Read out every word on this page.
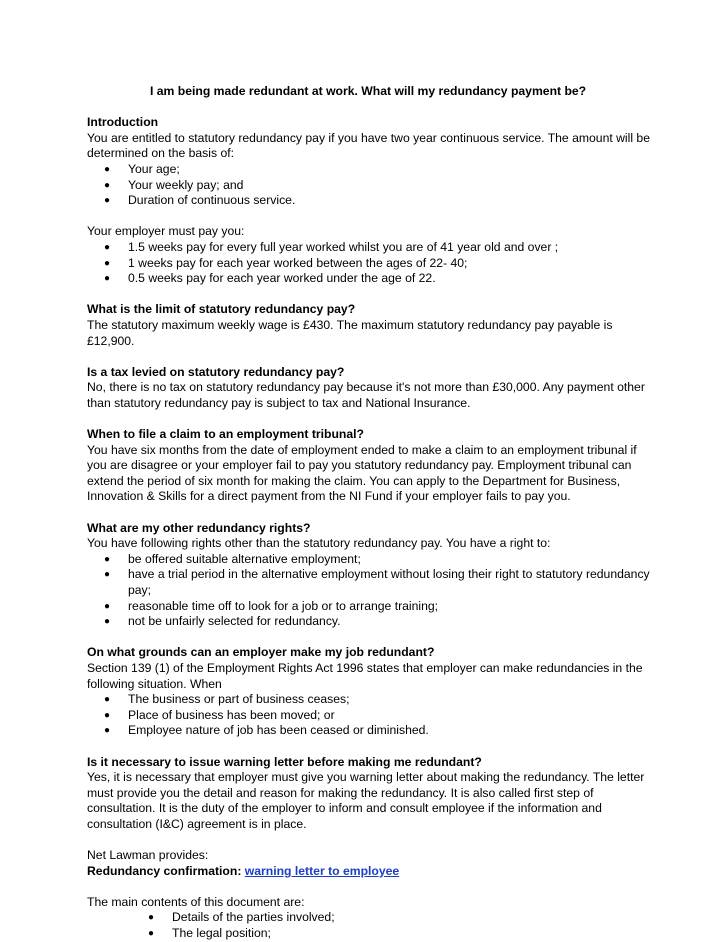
I am being made redundant at work. What will my redundancy payment be?

Introduction

You are entitled to statutory redundancy pay if you have two year continuous service. The amount will be determined on the basis of:

● Your age;
● Your weekly pay; and
● Duration of continuous service.

Your employer must pay you:

● 1.5 weeks pay for every full year worked whilst you are of 41 year old and over ;
● 1 weeks pay for each year worked between the ages of 22- 40;
● 0.5 weeks pay for each year worked under the age of 22.

What is the limit of statutory redundancy pay?

The statutory maximum weekly wage is £430. The maximum statutory redundancy pay payable is £12,900.

Is a tax levied on statutory redundancy pay?

No, there is no tax on statutory redundancy pay because it's not more than £30,000. Any payment other than statutory redundancy pay is subject to tax and National Insurance.

When to file a claim to an employment tribunal?

You have six months from the date of employment ended to make a claim to an employment tribunal if you are disagree or your employer fail to pay you statutory redundancy pay. Employment tribunal can extend the period of six month for making the claim. You can apply to the Department for Business, Innovation & Skills for a direct payment from the NI Fund if your employer fails to pay you.

What are my other redundancy rights?

You have following rights other than the statutory redundancy pay. You have a right to:

● be offered suitable alternative employment;
● have a trial period in the alternative employment without losing their right to statutory redundancy pay;
● reasonable time off to look for a job or to arrange training;
● not be unfairly selected for redundancy.

On what grounds can an employer make my job redundant?

Section 139 (1) of the Employment Rights Act 1996 states that employer can make redundancies in the following situation. When

● The business or part of business ceases;
● Place of business has been moved; or
● Employee nature of job has been ceased or diminished.

Is it necessary to issue warning letter before making me redundant?

Yes, it is necessary that employer must give you warning letter about making the redundancy. The letter must provide you the detail and reason for making the redundancy. It is also called first step of consultation. It is the duty of the employer to inform and consult employee if the information and consultation (I&C) agreement is in place.

Net Lawman provides:

Redundancy confirmation: warning letter to employee

The main contents of this document are:

● Details of the parties involved;
● The legal position;
